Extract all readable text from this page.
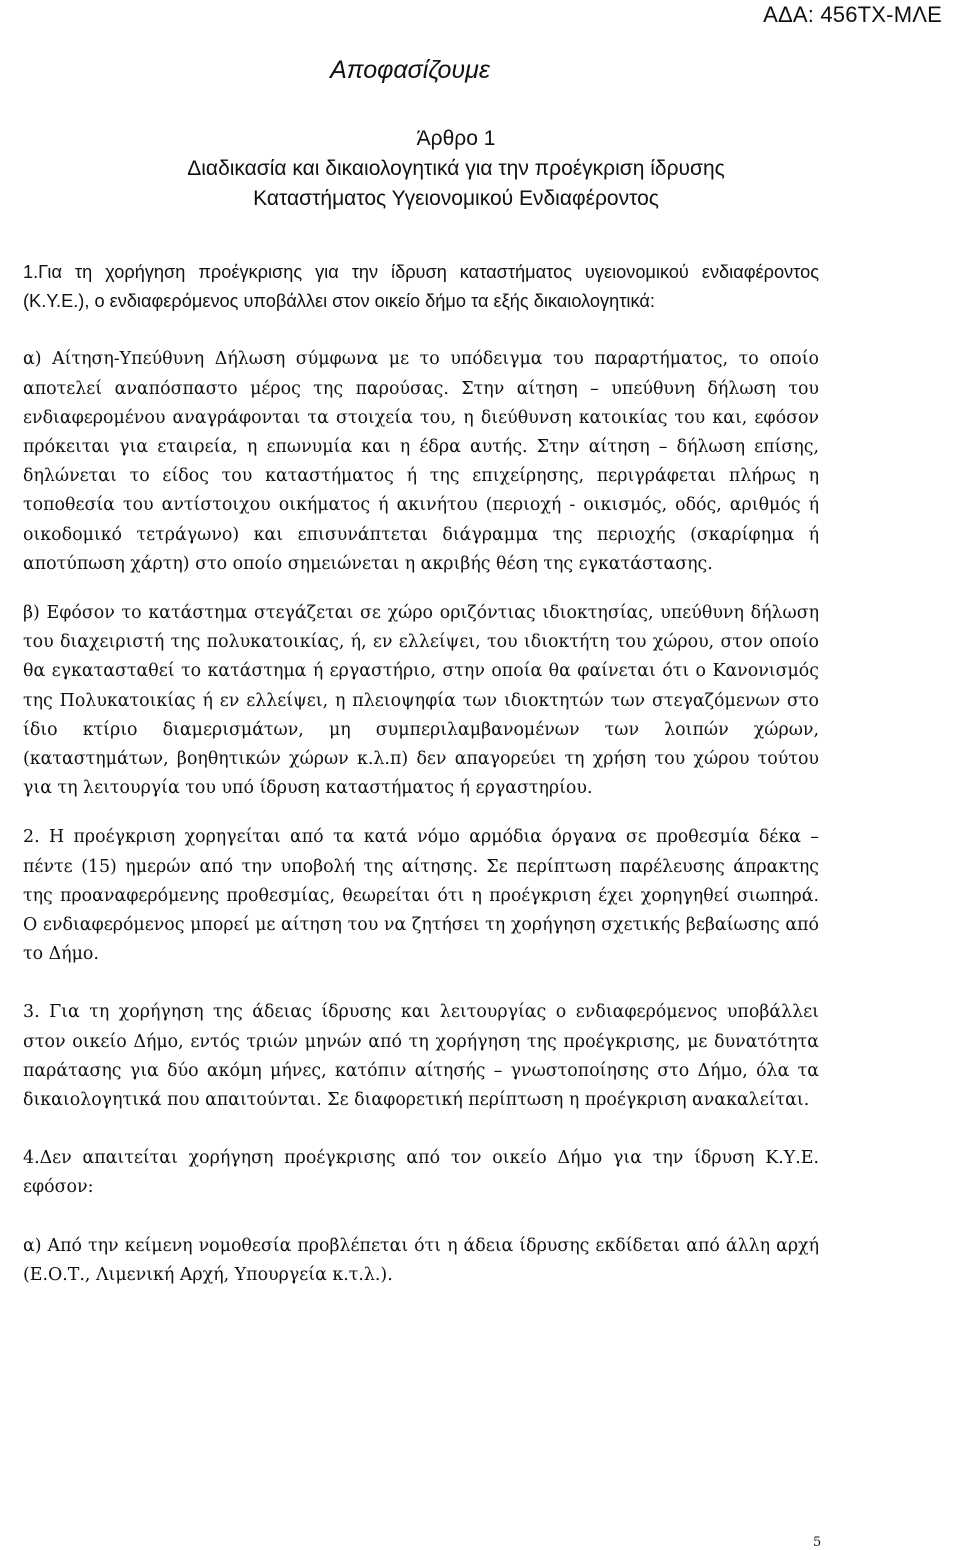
ΑΔΑ: 456ΤΧ-ΜΛΕ
Αποφασίζουμε
Άρθρο 1
Διαδικασία και δικαιολογητικά για την προέγκριση ίδρυσης
Καταστήματος Υγειονομικού Ενδιαφέροντος

1.Για τη χορήγηση προέγκρισης για την ίδρυση καταστήματος υγειονομικού ενδιαφέροντος (Κ.Υ.Ε.), ο ενδιαφερόμενος υποβάλλει στον οικείο δήμο τα εξής δικαιολογητικά:

α) Αίτηση-Υπεύθυνη Δήλωση σύμφωνα με το υπόδειγμα του παραρτήματος, το οποίο αποτελεί αναπόσπαστο μέρος της παρούσας. Στην αίτηση – υπεύθυνη δήλωση του ενδιαφερομένου αναγράφονται τα στοιχεία του, η διεύθυνση κατοικίας του και, εφόσον πρόκειται για εταιρεία, η επωνυμία και η έδρα αυτής. Στην αίτηση – δήλωση επίσης, δηλώνεται το είδος του καταστήματος ή της επιχείρησης, περιγράφεται πλήρως η τοποθεσία του αντίστοιχου οικήματος ή ακινήτου (περιοχή - οικισμός, οδός, αριθμός ή οικοδομικό τετράγωνο) και επισυνάπτεται διάγραμμα της περιοχής (σκαρίφημα ή αποτύπωση χάρτη) στο οποίο σημειώνεται η ακριβής θέση της εγκατάστασης.

β) Εφόσον το κατάστημα στεγάζεται σε χώρο οριζόντιας ιδιοκτησίας, υπεύθυνη δήλωση του διαχειριστή της πολυκατοικίας, ή, εν ελλείψει, του ιδιοκτήτη του χώρου, στον οποίο θα εγκατασταθεί το κατάστημα ή εργαστήριο, στην οποία θα φαίνεται ότι ο Κανονισμός της Πολυκατοικίας ή εν ελλείψει, η πλειοψηφία των ιδιοκτητών των στεγαζόμενων στο ίδιο κτίριο διαμερισμάτων, μη συμπεριλαμβανομένων των λοιπών χώρων, (καταστημάτων, βοηθητικών χώρων κ.λ.π) δεν απαγορεύει τη χρήση του χώρου τούτου για τη λειτουργία του υπό ίδρυση καταστήματος ή εργαστηρίου.

2. Η προέγκριση χορηγείται από τα κατά νόμο αρμόδια όργανα σε προθεσμία δέκα – πέντε (15) ημερών από την υποβολή της αίτησης. Σε περίπτωση παρέλευσης άπρακτης της προαναφερόμενης προθεσμίας, θεωρείται ότι η προέγκριση έχει χορηγηθεί σιωπηρά. Ο ενδιαφερόμενος μπορεί με αίτηση του να ζητήσει τη χορήγηση σχετικής βεβαίωσης από το Δήμο.

3. Για τη χορήγηση της άδειας ίδρυσης και λειτουργίας ο ενδιαφερόμενος υποβάλλει στον οικείο Δήμο, εντός τριών μηνών από τη χορήγηση της προέγκρισης, με δυνατότητα παράτασης για δύο ακόμη μήνες, κατόπιν αίτησής – γνωστοποίησης στο Δήμο, όλα τα δικαιολογητικά που απαιτούνται. Σε διαφορετική περίπτωση η προέγκριση ανακαλείται.

4.Δεν απαιτείται χορήγηση προέγκρισης από τον οικείο Δήμο για την ίδρυση Κ.Υ.Ε. εφόσον:

α) Από την κείμενη νομοθεσία προβλέπεται ότι η άδεια ίδρυσης εκδίδεται από άλλη αρχή (Ε.Ο.Τ., Λιμενική Αρχή, Υπουργεία κ.τ.λ.).

5
